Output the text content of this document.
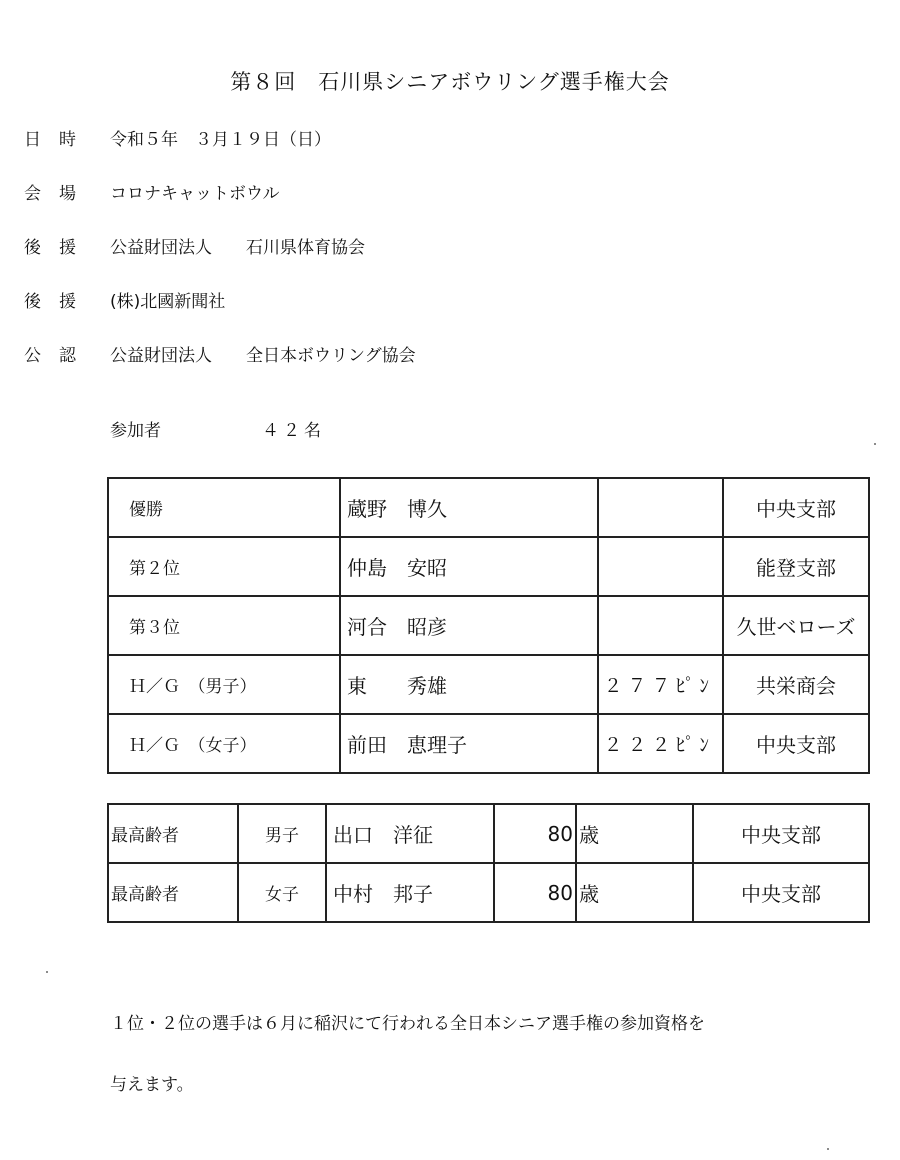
第８回　石川県シニアボウリング選手権大会
日時 令和５年　３月１９日（日）
会場 コロナキャットボウル
後援 公益財団法人 石川県体育協会
後援 (株)北國新聞社
公認 公益財団法人 全日本ボウリング協会
参加者	４２名
優勝	蔵野　博久		中央支部
第２位	仲島　安昭		能登支部
第３位	河合　昭彦		久世ベローズ
Ｈ／Ｇ　（男子）	東　　秀雄	２７７ﾋﾟﾝ	共栄商会
Ｈ／Ｇ　（女子）	前田　恵理子	２２２ﾋﾟﾝ	中央支部
最高齢者	男子	出口　洋征	80	歳	中央支部
最高齢者	女子	中村　邦子	80	歳	中央支部
１位・２位の選手は６月に稲沢にて行われる全日本シニア選手権の参加資格を
与えます。
